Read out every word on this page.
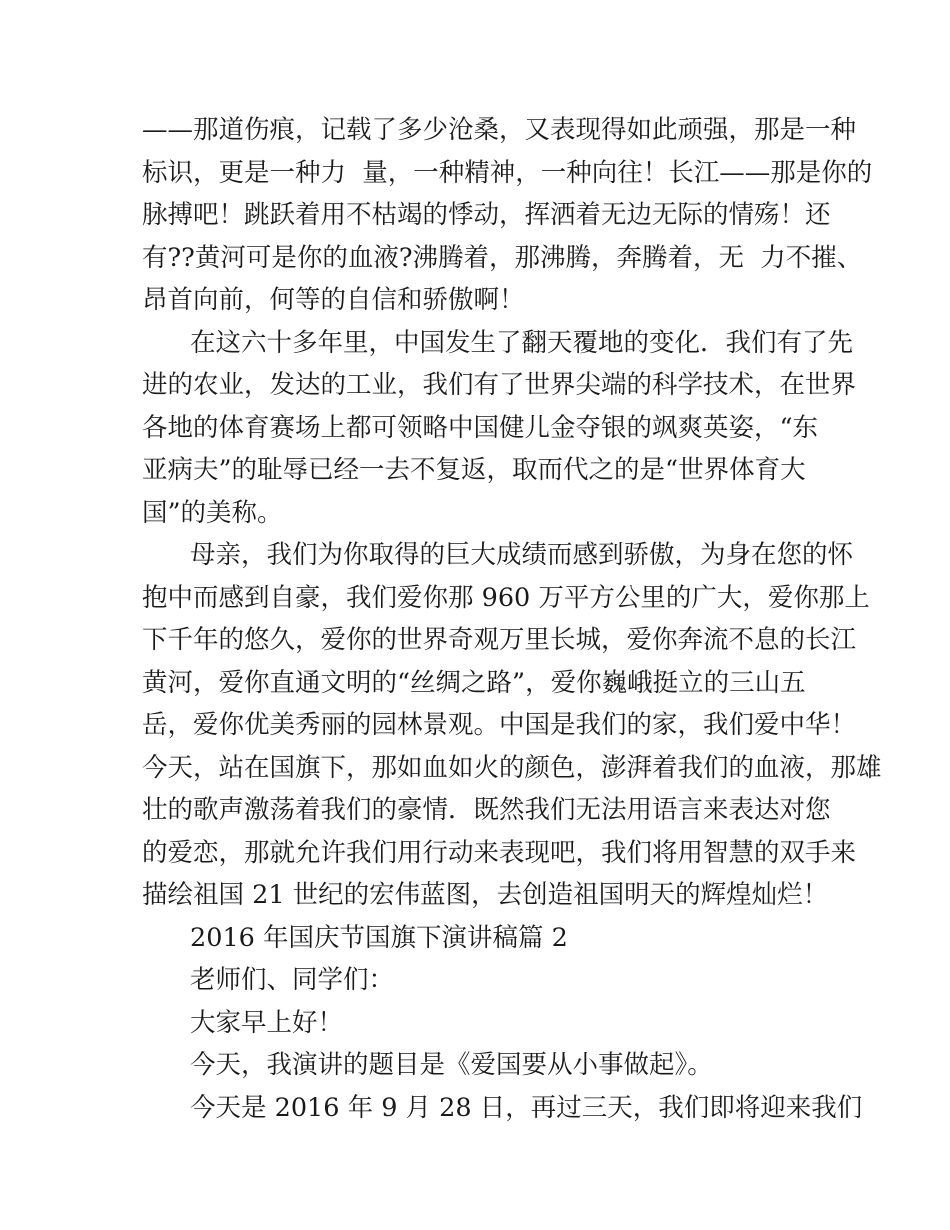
——那道伤痕，记载了多少沧桑，又表现得如此顽强，那是一种
标识，更是一种力  量，一种精神，一种向往！长江——那是你的
脉搏吧！跳跃着用不枯竭的悸动，挥洒着无边无际的情殇！还
有??黄河可是你的血液?沸腾着，那沸腾，奔腾着，无  力不摧、
昂首向前，何等的自信和骄傲啊！
在这六十多年里，中国发生了翻天覆地的变化．我们有了先
进的农业，发达的工业，我们有了世界尖端的科学技术，在世界
各地的体育赛场上都可领略中国健儿金夺银的飒爽英姿，“东
亚病夫”的耻辱已经一去不复返，取而代之的是“世界体育大
国”的美称。
母亲，我们为你取得的巨大成绩而感到骄傲，为身在您的怀
抱中而感到自豪，我们爱你那 960 万平方公里的广大，爱你那上
下千年的悠久，爱你的世界奇观万里长城，爱你奔流不息的长江
黄河，爱你直通文明的“丝绸之路”，爱你巍峨挺立的三山五
岳，爱你优美秀丽的园林景观。中国是我们的家，我们爱中华！
今天，站在国旗下，那如血如火的颜色，澎湃着我们的血液，那雄
壮的歌声激荡着我们的豪情．既然我们无法用语言来表达对您
的爱恋，那就允许我们用行动来表现吧，我们将用智慧的双手来
描绘祖国 21 世纪的宏伟蓝图，去创造祖国明天的辉煌灿烂！
2016 年国庆节国旗下演讲稿篇 2
老师们、同学们：
大家早上好！
今天，我演讲的题目是《爱国要从小事做起》。
今天是 2016 年 9 月 28 日，再过三天，我们即将迎来我们
